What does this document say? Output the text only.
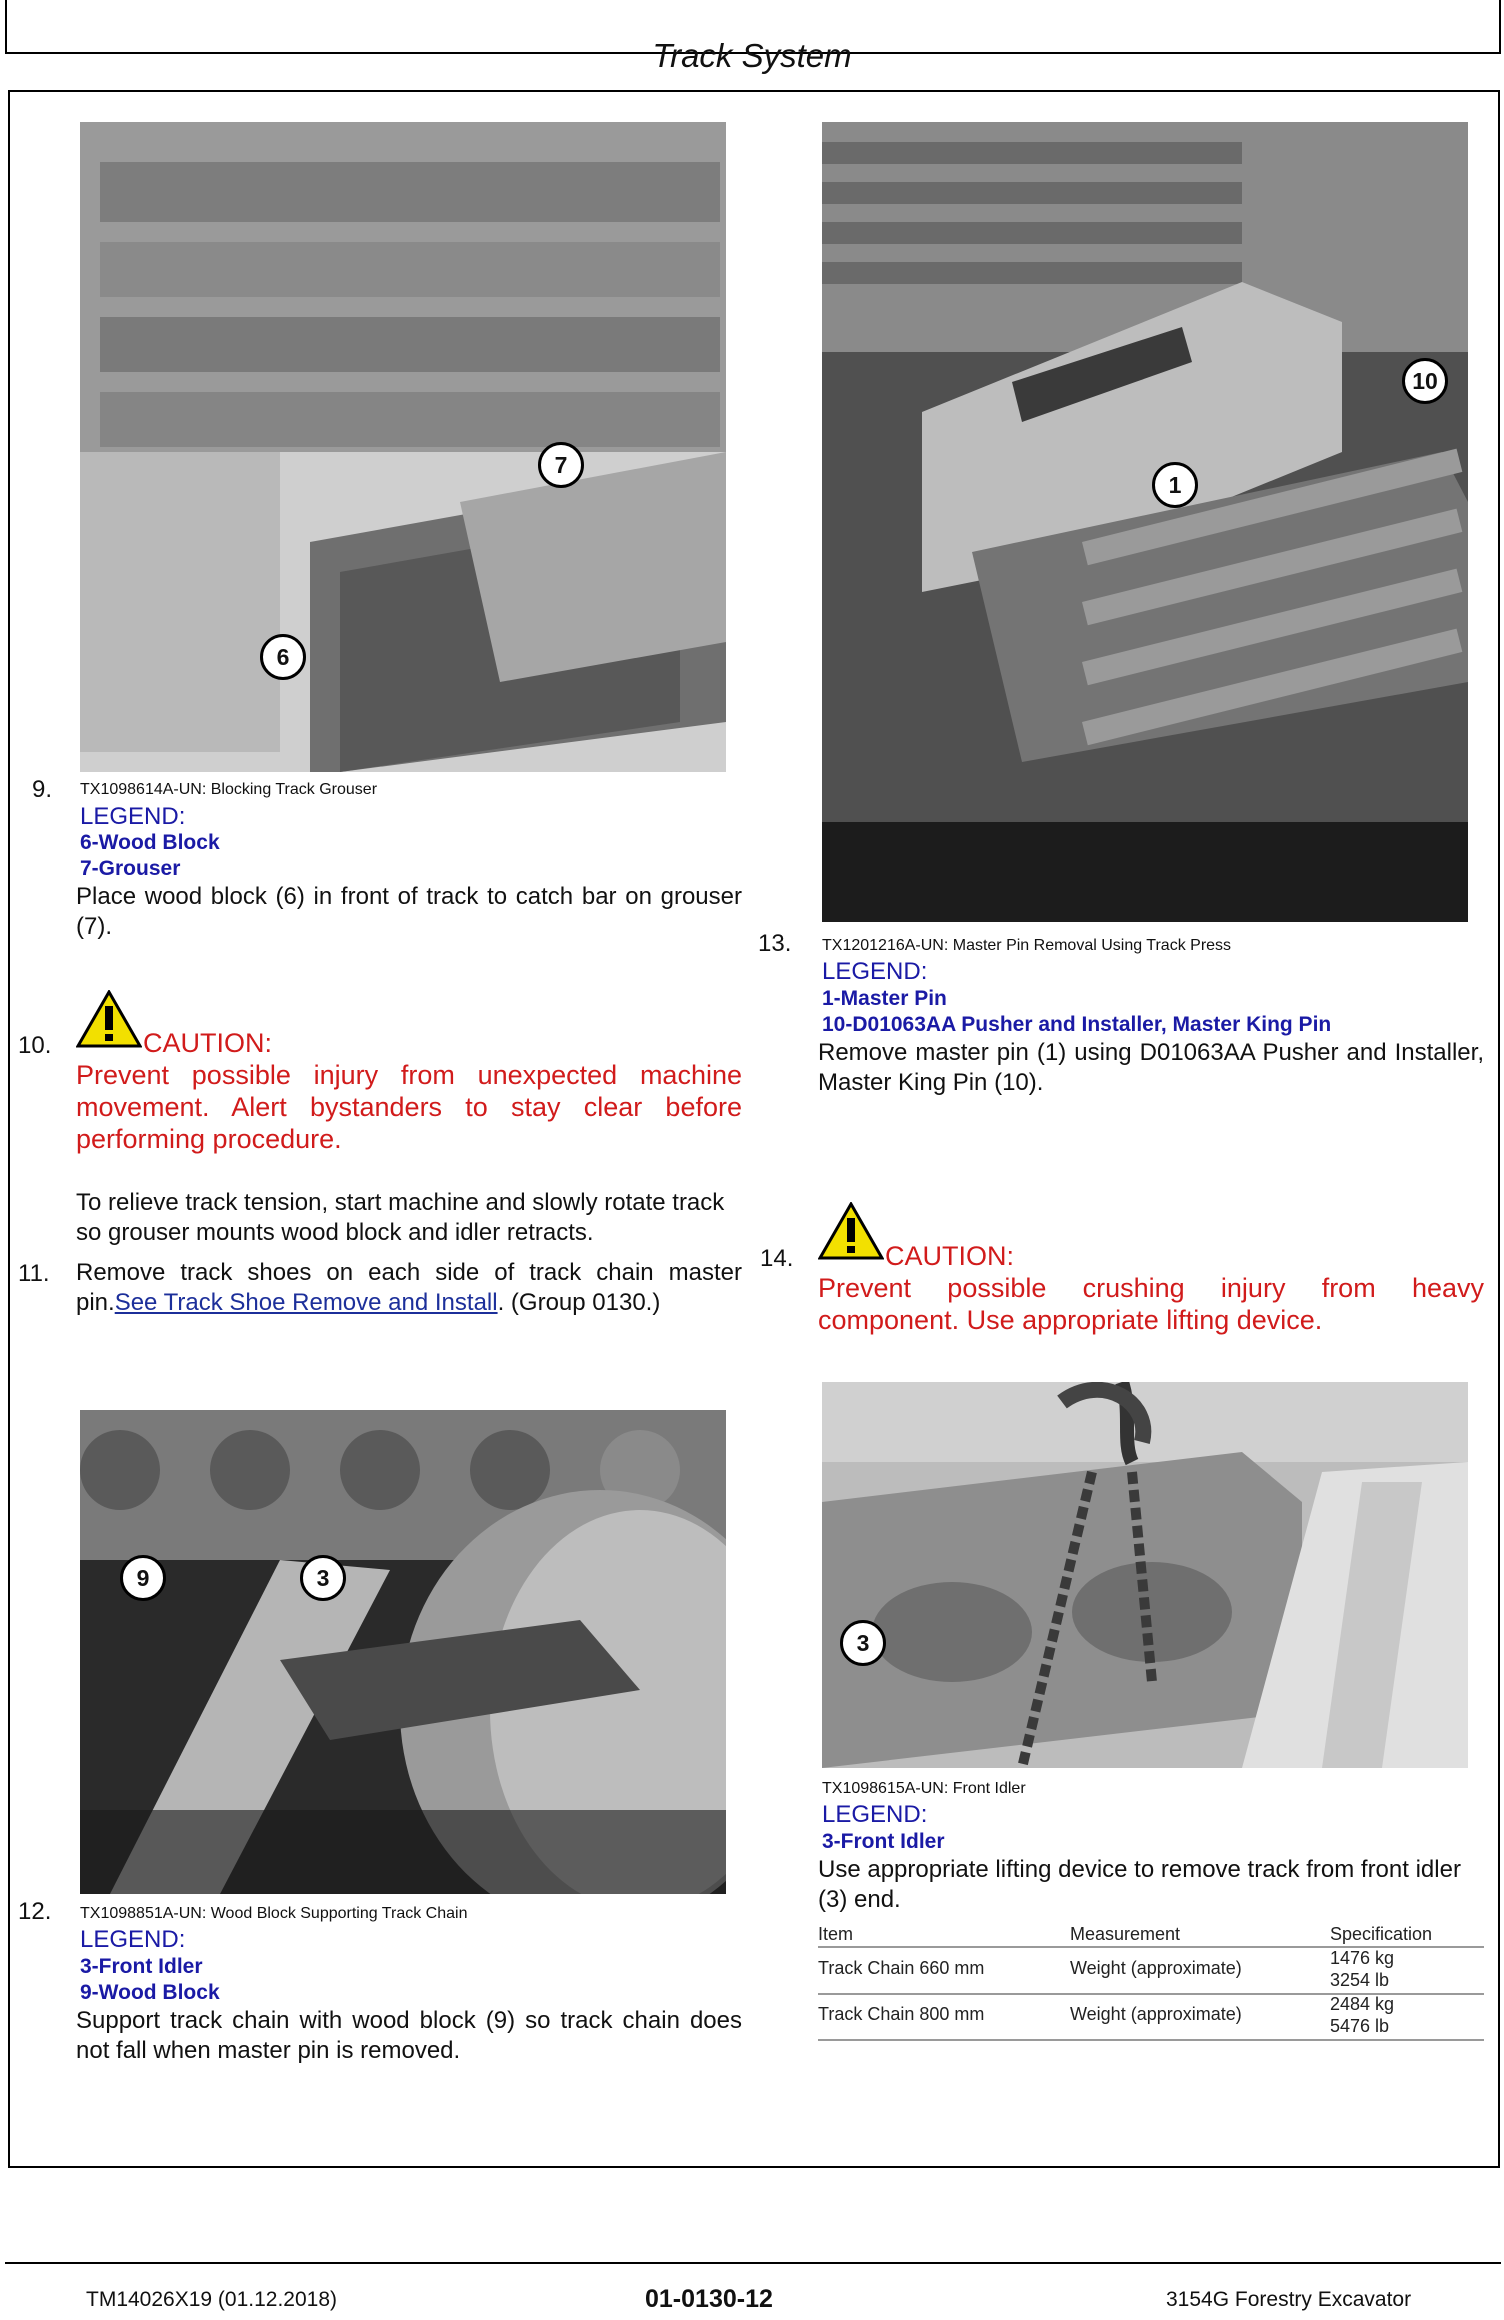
Track System
7
6
9. TX1098614A-UN: Blocking Track Grouser
LEGEND:
6-Wood Block
7-Grouser
Place wood block (6) in front of track to catch bar on grouser (7).
10.	CAUTION:
Prevent possible injury from unexpected machine movement. Alert bystanders to stay clear before performing procedure.
To relieve track tension, start machine and slowly rotate track so grouser mounts wood block and idler retracts.
11. Remove track shoes on each side of track chain master pin.See Track Shoe Remove and Install. (Group 0130.)
9	3
12. TX1098851A-UN: Wood Block Supporting Track Chain
LEGEND:
3-Front Idler
9-Wood Block
Support track chain with wood block (9) so track chain does not fall when master pin is removed.
10
1
13. TX1201216A-UN: Master Pin Removal Using Track Press
LEGEND:
1-Master Pin
10-D01063AA Pusher and Installer, Master King Pin
Remove master pin (1) using D01063AA Pusher and Installer, Master King Pin (10).
14.	CAUTION:
Prevent possible crushing injury from heavy component. Use appropriate lifting device.
3
TX1098615A-UN: Front Idler
LEGEND:
3-Front Idler
Use appropriate lifting device to remove track from front idler (3) end.
Item	Measurement	Specification
Track Chain 660 mm	Weight (approximate)	1476 kg
3254 lb
Track Chain 800 mm	Weight (approximate)	2484 kg
5476 lb
TM14026X19 (01.12.2018)	01-0130-12	3154G Forestry Excavator
